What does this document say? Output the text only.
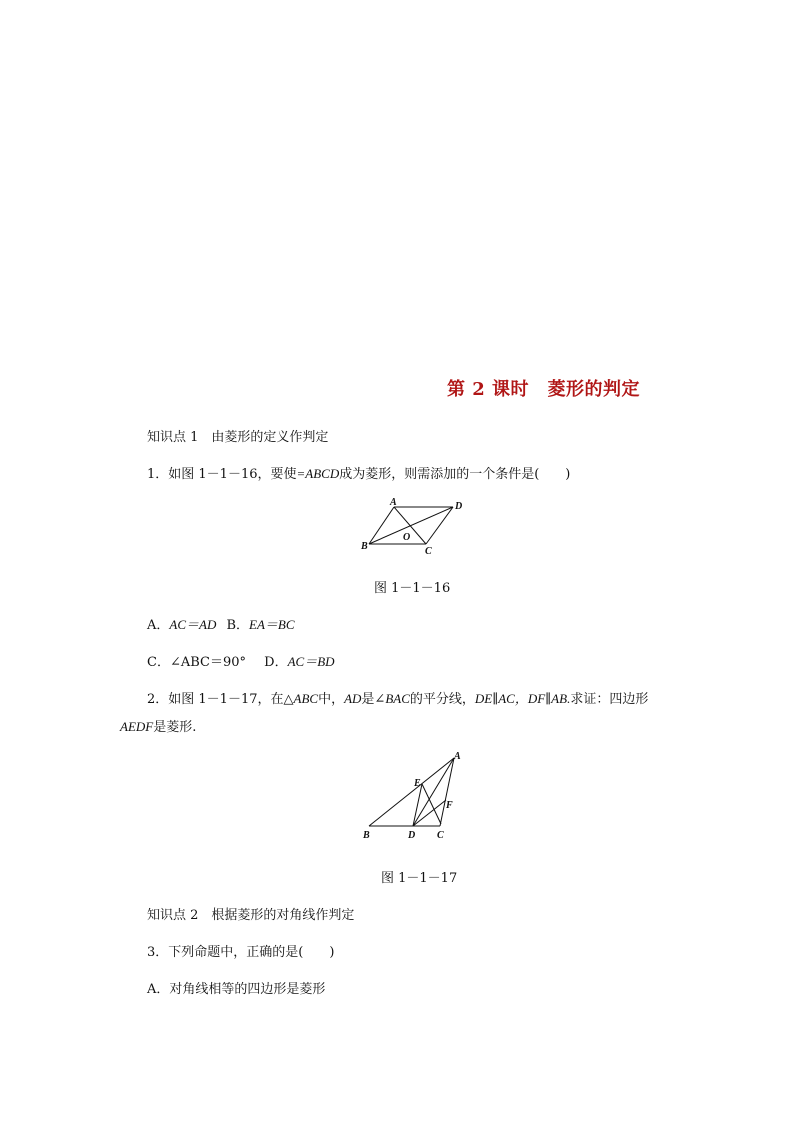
第 2 课时　菱形的判定
知识点 1　由菱形的定义作判定
1．如图 1－1－16，要使=ABCD成为菱形，则需添加的一个条件是(　　)
A	D
B	C
O
图 1－1－16
A．AC＝AD B．EA＝BC
C．∠ABC＝90° D．AC＝BD
2．如图 1－1－17，在△ABC中，AD是∠BAC的平分线，DE∥AC，DF∥AB.求证：四边形
AEDF是菱形.
A
E
F
B	D C
图 1－1－17
知识点 2　根据菱形的对角线作判定
3．下列命题中，正确的是(　　)
A．对角线相等的四边形是菱形
